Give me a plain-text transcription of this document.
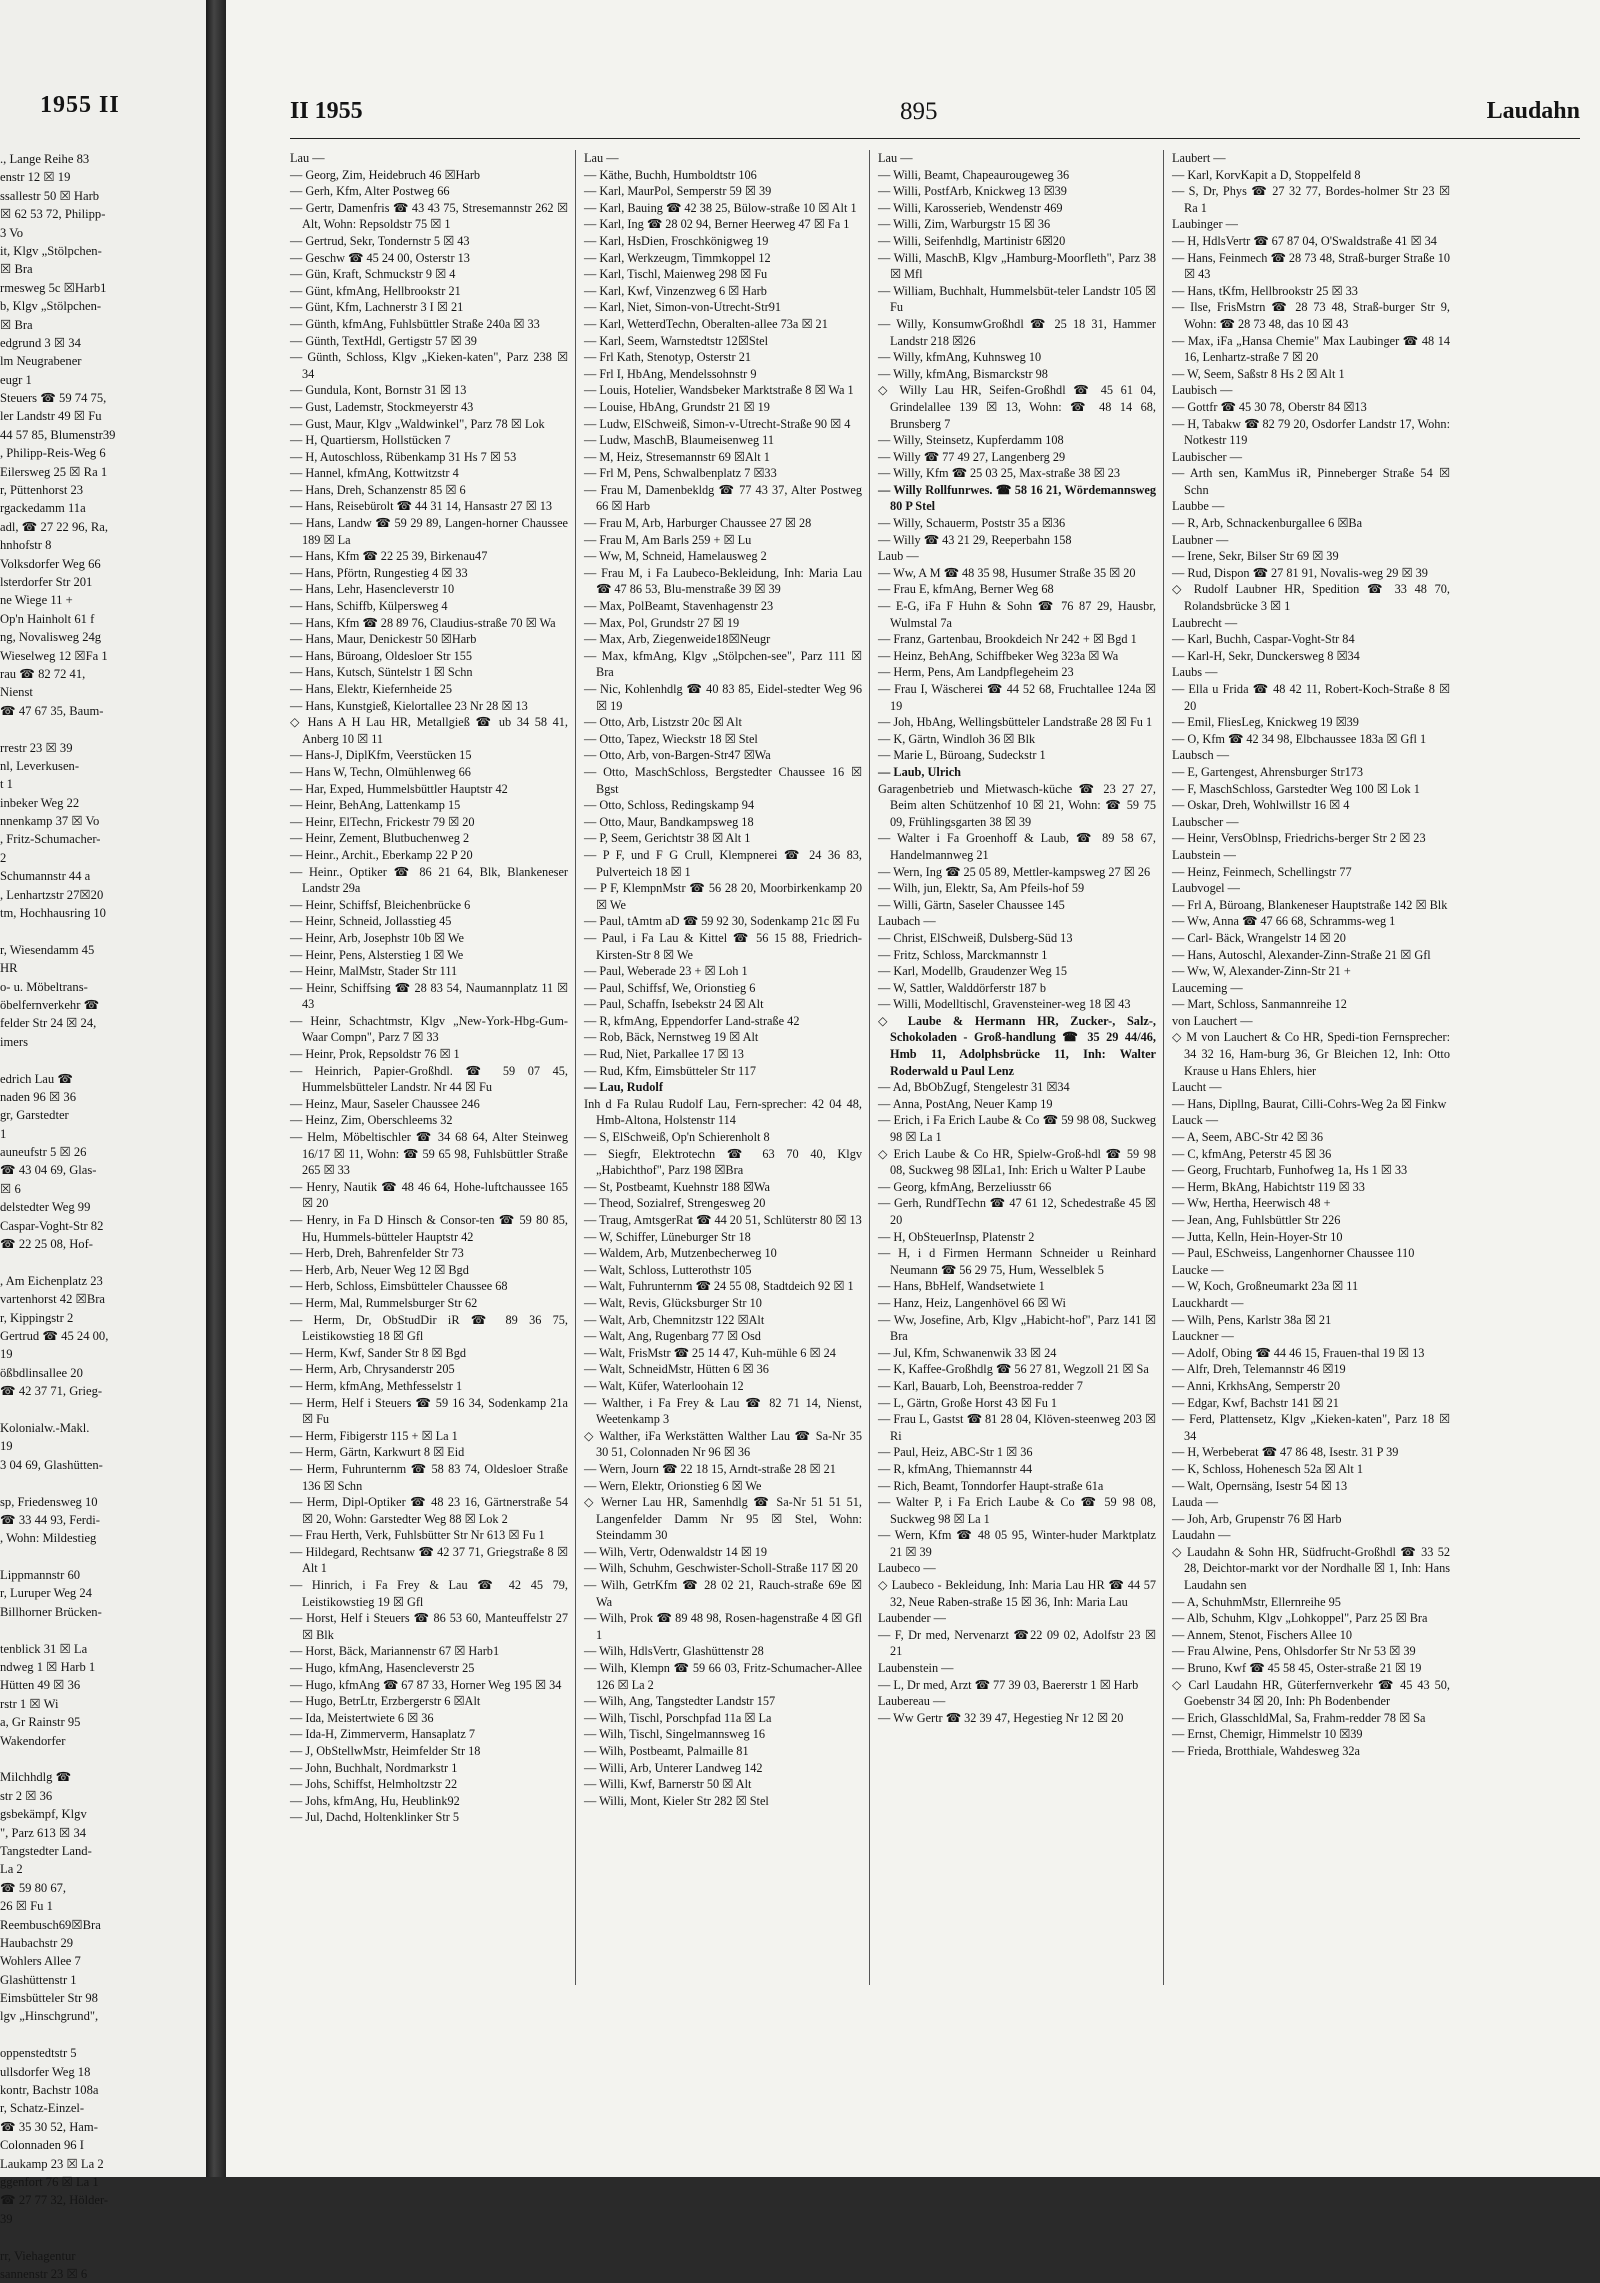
1955 II
., Lange Reihe 83
enstr 12 ☒ 19
ssallestr 50 ☒ Harb
☒ 62 53 72, Philipp-
3 Vo
it, Klgv „Stölpchen-
☒ Bra
rmesweg 5c ☒Harb1
b, Klgv „Stölpchen-
☒ Bra
edgrund 3 ☒ 34
lm Neugrabener
eugr 1
Steuers ☎ 59 74 75,
ler Landstr 49 ☒ Fu
44 57 85, Blumenstr39
, Philipp-Reis-Weg 6
Eilersweg 25 ☒ Ra 1
r, Püttenhorst 23
rgackedamm 11a
adl, ☎ 27 22 96, Ra,
hnhofstr 8
Volksdorfer Weg 66
lsterdorfer Str 201
ne Wiege 11 +
Op'n Hainholt 61 f
ng, Novalisweg 24g
Wieselweg 12 ☒Fa 1
rau ☎ 82 72 41,
Nienst
☎ 47 67 35, Baum-
rrestr 23 ☒ 39
nl, Leverkusen-
t 1
inbeker Weg 22
nnenkamp 37 ☒ Vo
, Fritz-Schumacher-
2
Schumannstr 44 a
, Lenhartzstr 27☒20
tm, Hochhausring 10
r, Wiesendamm 45
HR
o- u. Möbeltrans-
öbelfernverkehr ☎
felder Str 24 ☒ 24,
imers
edrich Lau ☎
naden 96 ☒ 36
gr, Garstedter
1
auneufstr 5 ☒ 26
☎ 43 04 69, Glas-
☒ 6
delstedter Weg 99
Caspar-Voght-Str 82
☎ 22 25 08, Hof-
, Am Eichenplatz 23
vartenhorst 42 ☒Bra
r, Kippingstr 2
Gertrud ☎ 45 24 00,
19
ößbdlinsallee 20
☎ 42 37 71, Grieg-
Kolonialw.-Makl.
19
3 04 69, Glashütten-
sp, Friedensweg 10
☎ 33 44 93, Ferdi-
, Wohn: Mildestieg
Lippmannstr 60
r, Luruper Weg 24
Billhorner Brücken-
tenblick 31 ☒ La
ndweg 1 ☒ Harb 1
Hütten 49 ☒ 36
rstr 1 ☒ Wi
a, Gr Rainstr 95
Wakendorfer
Milchhdlg ☎
str 2 ☒ 36
gsbekämpf, Klgv
", Parz 613 ☒ 34
Tangstedter Land-
La 2
☎ 59 80 67,
26 ☒ Fu 1
Reembusch69☒Bra
Haubachstr 29
Wohlers Allee 7
Glashüttenstr 1
Eimsbütteler Str 98
lgv „Hinschgrund",
oppenstedtstr 5
ullsdorfer Weg 18
kontr, Bachstr 108a
r, Schatz-Einzel-
☎ 35 30 52, Ham-
Colonnaden 96 I
Laukamp 23 ☒ La 2
ggenfort 76 ☒ La 1
☎ 27 77 32, Hölder-
39
rr, Viehagentur
sannenstr 23 ☒ 6
II 1955	895	Laudahn
Lau —
— Georg, Zim, Heidebruch 46 ☒Harb
— Gerh, Kfm, Alter Postweg 66
— Gertr, Damenfris ☎ 43 43 75, Stresemannstr 262 ☒ Alt, Wohn: Repsoldstr 75 ☒ 1
— Gertrud, Sekr, Tondernstr 5 ☒ 43
— Geschw ☎ 45 24 00, Osterstr 13
— Gün, Kraft, Schmuckstr 9 ☒ 4
— Günt, kfmAng, Hellbrookstr 21
— Günt, Kfm, Lachnerstr 3 I ☒ 21
— Günth, kfmAng, Fuhlsbüttler Straße 240a ☒ 33
— Günth, TextHdl, Gertigstr 57 ☒ 39
— Günth, Schloss, Klgv „Kieken-katen", Parz 238 ☒ 34
— Gundula, Kont, Bornstr 31 ☒ 13
— Gust, Lademstr, Stockmeyerstr 43
— Gust, Maur, Klgv „Waldwinkel", Parz 78 ☒ Lok
— H, Quartiersm, Hollstücken 7
— H, Autoschloss, Rübenkamp 31 Hs 7 ☒ 53
— Hannel, kfmAng, Kottwitzstr 4
— Hans, Dreh, Schanzenstr 85 ☒ 6
— Hans, Reisebürolt ☎ 44 31 14, Hansastr 27 ☒ 13
— Hans, Landw ☎ 59 29 89, Langen-horner Chaussee 189 ☒ La
— Hans, Kfm ☎ 22 25 39, Birkenau47
— Hans, Pförtn, Rungestieg 4 ☒ 33
— Hans, Lehr, Hasencleverstr 10
— Hans, Schiffb, Külpersweg 4
— Hans, Kfm ☎ 28 89 76, Claudius-straße 70 ☒ Wa
— Hans, Maur, Denickestr 50 ☒Harb
— Hans, Büroang, Oldesloer Str 155
— Hans, Kutsch, Süntelstr 1 ☒ Schn
— Hans, Elektr, Kiefernheide 25
— Hans, Kunstgieß, Kielortallee 23 Nr 28 ☒ 13
◇ Hans A H Lau HR, Metallgieß ☎ ub 34 58 41, Anberg 10 ☒ 11
— Hans-J, DiplKfm, Veerstücken 15
— Hans W, Techn, Olmühlenweg 66
— Har, Exped, Hummelsbüttler Hauptstr 42
— Heinr, BehAng, Lattenkamp 15
— Heinr, ElTechn, Frickestr 79 ☒ 20
— Heinr, Zement, Blutbuchenweg 2
— Heinr., Archit., Eberkamp 22 P 20
— Heinr., Optiker ☎ 86 21 64, Blk, Blankeneser Landstr 29a
— Heinr, Schiffsf, Bleichenbrücke 6
— Heinr, Schneid, Jollasstieg 45
— Heinr, Arb, Josephstr 10b ☒ We
— Heinr, Pens, Alsterstieg 1 ☒ We
— Heinr, MalMstr, Stader Str 111
— Heinr, Schiffsing ☎ 28 83 54, Naumannplatz 11 ☒ 43
— Heinr, Schachtmstr, Klgv „New-York-Hbg-Gum-Waar Compn", Parz 7 ☒ 33
— Heinr, Prok, Repsoldstr 76 ☒ 1
— Heinrich, Papier-Großhdl. ☎ 59 07 45, Hummelsbütteler Landstr. Nr 44 ☒ Fu
— Heinz, Maur, Saseler Chaussee 246
— Heinz, Zim, Oberschleems 32
— Helm, Möbeltischler ☎ 34 68 64, Alter Steinweg 16/17 ☒ 11, Wohn: ☎ 59 65 98, Fuhlsbüttler Straße 265 ☒ 33
— Henry, Nautik ☎ 48 46 64, Hohe-luftchaussee 165 ☒ 20
— Henry, in Fa D Hinsch & Consor-ten ☎ 59 80 85, Hu, Hummels-bütteler Hauptstr 42
— Herb, Dreh, Bahrenfelder Str 73
— Herb, Arb, Neuer Weg 12 ☒ Bgd
— Herb, Schloss, Eimsbütteler Chaussee 68
— Herm, Mal, Rummelsburger Str 62
— Herm, Dr, ObStudDir iR ☎ 89 36 75, Leistikowstieg 18 ☒ Gfl
— Herm, Kwf, Sander Str 8 ☒ Bgd
— Herm, Arb, Chrysanderstr 205
— Herm, kfmAng, Methfesselstr 1
— Herm, Helf i Steuers ☎ 59 16 34, Sodenkamp 21a ☒ Fu
— Herm, Fibigerstr 115 + ☒ La 1
— Herm, Gärtn, Karkwurt 8 ☒ Eid
— Herm, Fuhrunternm ☎ 58 83 74, Oldesloer Straße 136 ☒ Schn
— Herm, Dipl-Optiker ☎ 48 23 16, Gärtnerstraße 54 ☒ 20, Wohn: Garstedter Weg 88 ☒ Lok 2
— Frau Herth, Verk, Fuhlsbütter Str Nr 613 ☒ Fu 1
— Hildegard, Rechtsanw ☎ 42 37 71, Griegstraße 8 ☒ Alt 1
— Hinrich, i Fa Frey & Lau ☎ 42 45 79, Leistikowstieg 19 ☒ Gfl
— Horst, Helf i Steuers ☎ 86 53 60, Manteuffelstr 27 ☒ Blk
— Horst, Bäck, Mariannenstr 67 ☒ Harb1
— Hugo, kfmAng, Hasencleverstr 25
— Hugo, kfmAng ☎ 67 87 33, Horner Weg 195 ☒ 34
— Hugo, BetrLtr, Erzbergerstr 6 ☒Alt
— Ida, Meistertwiete 6 ☒ 36
— Ida-H, Zimmerverm, Hansaplatz 7
— J, ObStellwMstr, Heimfelder Str 18
— John, Buchhalt, Nordmarkstr 1
— Johs, Schiffst, Helmholtzstr 22
— Johs, kfmAng, Hu, Heublink92
— Jul, Dachd, Holtenklinker Str 5
Lau —
— Käthe, Buchh, Humboldtstr 106
— Karl, MaurPol, Semperstr 59 ☒ 39
— Karl, Bauing ☎ 42 38 25, Bülow-straße 10 ☒ Alt 1
— Karl, Ing ☎ 28 02 94, Berner Heerweg 47 ☒ Fa 1
— Karl, HsDien, Froschkönigweg 19
— Karl, Werkzeugm, Timmkoppel 12
— Karl, Tischl, Maienweg 298 ☒ Fu
— Karl, Kwf, Vinzenzweg 6 ☒ Harb
— Karl, Niet, Simon-von-Utrecht-Str91
— Karl, WetterdTechn, Oberalten-allee 73a ☒ 21
— Karl, Seem, Warnstedtstr 12☒Stel
— Frl Kath, Stenotyp, Osterstr 21
— Frl I, HbAng, Mendelssohnstr 9
— Louis, Hotelier, Wandsbeker Marktstraße 8 ☒ Wa 1
— Louise, HbAng, Grundstr 21 ☒ 19
— Ludw, ElSchweiß, Simon-v-Utrecht-Straße 90 ☒ 4
— Ludw, MaschB, Blaumeisenweg 11
— M, Heiz, Stresemannstr 69 ☒Alt 1
— Frl M, Pens, Schwalbenplatz 7 ☒33
— Frau M, Damenbekldg ☎ 77 43 37, Alter Postweg 66 ☒ Harb
— Frau M, Arb, Harburger Chaussee 27 ☒ 28
— Frau M, Am Barls 259 + ☒ Lu
— Ww, M, Schneid, Hamelausweg 2
— Frau M, i Fa Laubeco-Bekleidung, Inh: Maria Lau ☎ 47 86 53, Blu-menstraße 39 ☒ 39
— Max, PolBeamt, Stavenhagenstr 23
— Max, Pol, Grundstr 27 ☒ 19
— Max, Arb, Ziegenweide18☒Neugr
— Max, kfmAng, Klgv „Stölpchen-see", Parz 111 ☒ Bra
— Nic, Kohlenhdlg ☎ 40 83 85, Eidel-stedter Weg 96 ☒ 19
— Otto, Arb, Listzstr 20c ☒ Alt
— Otto, Tapez, Wieckstr 18 ☒ Stel
— Otto, Arb, von-Bargen-Str47 ☒Wa
— Otto, MaschSchloss, Bergstedter Chaussee 16 ☒ Bgst
— Otto, Schloss, Redingskamp 94
— Otto, Maur, Bandkampsweg 18
— P, Seem, Gerichtstr 38 ☒ Alt 1
— P F, und F G Crull, Klempnerei ☎ 24 36 83, Pulverteich 18 ☒ 1
— P F, KlempnMstr ☎ 56 28 20, Moorbirkenkamp 20 ☒ We
— Paul, tAmtm aD ☎ 59 92 30, Sodenkamp 21c ☒ Fu
— Paul, i Fa Lau & Kittel ☎ 56 15 88, Friedrich-Kirsten-Str 8 ☒ We
— Paul, Weberade 23 + ☒ Loh 1
— Paul, Schiffsf, We, Orionstieg 6
— Paul, Schaffn, Isebekstr 24 ☒ Alt
— R, kfmAng, Eppendorfer Land-straße 42
— Rob, Bäck, Nernstweg 19 ☒ Alt
— Rud, Niet, Parkallee 17 ☒ 13
— Rud, Kfm, Eimsbütteler Str 117
— Lau, Rudolf
Inh d Fa Rulau Rudolf Lau, Fern-sprecher: 42 04 48, Hmb-Altona, Holstenstr 114
— S, ElSchweiß, Op'n Schierenholt 8
— Siegfr, Elektrotechn ☎ 63 70 40, Klgv „Habichthof", Parz 198 ☒Bra
— St, Postbeamt, Kuehnstr 188 ☒Wa
— Theod, Sozialref, Strengesweg 20
— Traug, AmtsgerRat ☎ 44 20 51, Schlüterstr 80 ☒ 13
— W, Schiffer, Lüneburger Str 18
— Waldem, Arb, Mutzenbecherweg 10
— Walt, Schloss, Lutterothstr 105
— Walt, Fuhrunternm ☎ 24 55 08, Stadtdeich 92 ☒ 1
— Walt, Revis, Glücksburger Str 10
— Walt, Arb, Chemnitzstr 122 ☒Alt
— Walt, Ang, Rugenbarg 77 ☒ Osd
— Walt, FrisMstr ☎ 25 14 47, Kuh-mühle 6 ☒ 24
— Walt, SchneidMstr, Hütten 6 ☒ 36
— Walt, Küfer, Waterloohain 12
— Walther, i Fa Frey & Lau ☎ 82 71 14, Nienst, Weetenkamp 3
◇ Walther, iFa Werkstätten Walther Lau ☎ Sa-Nr 35 30 51, Colonnaden Nr 96 ☒ 36
— Wern, Journ ☎ 22 18 15, Arndt-straße 28 ☒ 21
— Wern, Elektr, Orionstieg 6 ☒ We
◇ Werner Lau HR, Samenhdlg ☎ Sa-Nr 51 51 51, Langenfelder Damm Nr 95 ☒ Stel, Wohn: Steindamm 30
— Wilh, Vertr, Odenwaldstr 14 ☒ 19
— Wilh, Schuhm, Geschwister-Scholl-Straße 117 ☒ 20
— Wilh, GetrKfm ☎ 28 02 21, Rauch-straße 69e ☒ Wa
— Wilh, Prok ☎ 89 48 98, Rosen-hagenstraße 4 ☒ Gfl 1
— Wilh, HdlsVertr, Glashüttenstr 28
— Wilh, Klempn ☎ 59 66 03, Fritz-Schumacher-Allee 126 ☒ La 2
— Wilh, Ang, Tangstedter Landstr 157
— Wilh, Tischl, Porschpfad 11a ☒ La
— Wilh, Tischl, Singelmannsweg 16
— Wilh, Postbeamt, Palmaille 81
— Willi, Arb, Unterer Landweg 142
— Willi, Kwf, Barnerstr 50 ☒ Alt
— Willi, Mont, Kieler Str 282 ☒ Stel
Lau —
— Willi, Beamt, Chapeaurougeweg 36
— Willi, PostfArb, Knickweg 13 ☒39
— Willi, Karosserieb, Wendenstr 469
— Willi, Zim, Warburgstr 15 ☒ 36
— Willi, Seifenhdlg, Martinistr 6☒20
— Willi, MaschB, Klgv „Hamburg-Moorfleth", Parz 38 ☒ Mfl
— William, Buchhalt, Hummelsbüt-teler Landstr 105 ☒ Fu
— Willy, KonsumwGroßhdl ☎ 25 18 31, Hammer Landstr 218 ☒26
— Willy, kfmAng, Kuhnsweg 10
— Willy, kfmAng, Bismarckstr 98
◇ Willy Lau HR, Seifen-Großhdl ☎ 45 61 04, Grindelallee 139 ☒ 13, Wohn: ☎ 48 14 68, Brunsberg 7
— Willy, Steinsetz, Kupferdamm 108
— Willy ☎ 77 49 27, Langenberg 29
— Willy, Kfm ☎ 25 03 25, Max-straße 38 ☒ 23
— Willy Rollfunrwes. ☎ 58 16 21, Wördemannsweg 80 P Stel
— Willy, Schauerm, Poststr 35 a ☒36
— Willy ☎ 43 21 29, Reeperbahn 158
Laub —
— Ww, A M ☎ 48 35 98, Husumer Straße 35 ☒ 20
— Frau E, kfmAng, Berner Weg 68
— E-G, iFa F Huhn & Sohn ☎ 76 87 29, Hausbr, Wulmstal 7a
— Franz, Gartenbau, Brookdeich Nr 242 + ☒ Bgd 1
— Heinz, BehAng, Schiffbeker Weg 323a ☒ Wa
— Herm, Pens, Am Landpflegeheim 23
— Frau I, Wäscherei ☎ 44 52 68, Fruchtallee 124a ☒ 19
— Joh, HbAng, Wellingsbütteler Landstraße 28 ☒ Fu 1
— K, Gärtn, Windloh 36 ☒ Blk
— Marie L, Büroang, Sudeckstr 1
— Laub, Ulrich
Garagenbetrieb und Mietwasch-küche ☎ 23 27 27, Beim alten Schützenhof 10 ☒ 21, Wohn: ☎ 59 75 09, Frühlingsgarten 38 ☒ 39
— Walter i Fa Groenhoff & Laub, ☎ 89 58 67, Handelmannweg 21
— Wern, Ing ☎ 25 05 89, Mettler-kampsweg 27 ☒ 26
— Wilh, jun, Elektr, Sa, Am Pfeils-hof 59
— Willi, Gärtn, Saseler Chaussee 145
Laubach —
— Christ, ElSchweiß, Dulsberg-Süd 13
— Fritz, Schloss, Marckmannstr 1
— Karl, Modellb, Graudenzer Weg 15
— W, Sattler, Walddörferstr 187 b
— Willi, Modelltischl, Gravensteiner-weg 18 ☒ 43
◇ Laube & Hermann HR, Zucker-, Salz-, Schokoladen - Groß-handlung ☎ 35 29 44/46, Hmb 11, Adolphsbrücke 11, Inh: Walter Roderwald u Paul Lenz
— Ad, BbObZugf, Stengelestr 31 ☒34
— Anna, PostAng, Neuer Kamp 19
— Erich, i Fa Erich Laube & Co ☎ 59 98 08, Suckweg 98 ☒ La 1
◇ Erich Laube & Co HR, Spielw-Groß-hdl ☎ 59 98 08, Suckweg 98 ☒La1, Inh: Erich u Walter P Laube
— Georg, kfmAng, Berzeliusstr 66
— Gerh, RundfTechn ☎ 47 61 12, Schedestraße 45 ☒ 20
— H, ObSteuerInsp, Platenstr 2
— H, i d Firmen Hermann Schneider u Reinhard Neumann ☎ 56 29 75, Hum, Wesselblek 5
— Hans, BbHelf, Wandsetwiete 1
— Hanz, Heiz, Langenhövel 66 ☒ Wi
— Ww, Josefine, Arb, Klgv „Habicht-hof", Parz 141 ☒ Bra
— Jul, Kfm, Schwanenwik 33 ☒ 24
— K, Kaffee-Großhdlg ☎ 56 27 81, Wegzoll 21 ☒ Sa
— Karl, Bauarb, Loh, Beenstroa-redder 7
— L, Gärtn, Große Horst 43 ☒ Fu 1
— Frau L, Gastst ☎ 81 28 04, Klöven-steenweg 203 ☒ Ri
— Paul, Heiz, ABC-Str 1 ☒ 36
— R, kfmAng, Thiemannstr 44
— Rich, Beamt, Tonndorfer Haupt-straße 61a
— Walter P, i Fa Erich Laube & Co ☎ 59 98 08, Suckweg 98 ☒ La 1
— Wern, Kfm ☎ 48 05 95, Winter-huder Marktplatz 21 ☒ 39
Laubeco —
◇ Laubeco - Bekleidung, Inh: Maria Lau HR ☎ 44 57 32, Neue Raben-straße 15 ☒ 36, Inh: Maria Lau
Laubender —
— F, Dr med, Nervenarzt ☎22 09 02, Adolfstr 23 ☒ 21
Laubenstein —
— L, Dr med, Arzt ☎ 77 39 03, Baererstr 1 ☒ Harb
Laubereau —
— Ww Gertr ☎ 32 39 47, Hegestieg Nr 12 ☒ 20
Laubert —
— Karl, KorvKapit a D, Stoppelfeld 8
— S, Dr, Phys ☎ 27 32 77, Bordes-holmer Str 23 ☒ Ra 1
Laubinger —
— H, HdlsVertr ☎ 67 87 04, O'Swaldstraße 41 ☒ 34
— Hans, Feinmech ☎ 28 73 48, Straß-burger Straße 10 ☒ 43
— Hans, tKfm, Hellbrookstr 25 ☒ 33
— Ilse, FrisMstrn ☎ 28 73 48, Straß-burger Str 9, Wohn: ☎ 28 73 48, das 10 ☒ 43
— Max, iFa „Hansa Chemie" Max Laubinger ☎ 48 14 16, Lenhartz-straße 7 ☒ 20
— W, Seem, Saßstr 8 Hs 2 ☒ Alt 1
Laubisch —
— Gottfr ☎ 45 30 78, Oberstr 84 ☒13
— H, Tabakw ☎ 82 79 20, Osdorfer Landstr 17, Wohn: Notkestr 119
Laubischer —
— Arth sen, KamMus iR, Pinneberger Straße 54 ☒ Schn
Laubbe —
— R, Arb, Schnackenburgallee 6 ☒Ba
Laubner —
— Irene, Sekr, Bilser Str 69 ☒ 39
— Rud, Dispon ☎ 27 81 91, Novalis-weg 29 ☒ 39
◇ Rudolf Laubner HR, Spedition ☎ 33 48 70, Rolandsbrücke 3 ☒ 1
Laubrecht —
— Karl, Buchh, Caspar-Voght-Str 84
— Karl-H, Sekr, Dunckersweg 8 ☒34
Laubs —
— Ella u Frida ☎ 48 42 11, Robert-Koch-Straße 8 ☒ 20
— Emil, FliesLeg, Knickweg 19 ☒39
— O, Kfm ☎ 42 34 98, Elbchaussee 183a ☒ Gfl 1
Laubsch —
— E, Gartengest, Ahrensburger Str173
— F, MaschSchloss, Garstedter Weg 100 ☒ Lok 1
— Oskar, Dreh, Wohlwillstr 16 ☒ 4
Laubscher —
— Heinr, VersOblnsp, Friedrichs-berger Str 2 ☒ 23
Laubstein —
— Heinz, Feinmech, Schellingstr 77
Laubvogel —
— Frl A, Büroang, Blankeneser Hauptstraße 142 ☒ Blk
— Ww, Anna ☎ 47 66 68, Schramms-weg 1
— Carl- Bäck, Wrangelstr 14 ☒ 20
— Hans, Autoschl, Alexander-Zinn-Straße 21 ☒ Gfl
— Ww, W, Alexander-Zinn-Str 21 +
Lauceming —
— Mart, Schloss, Sanmannreihe 12
von Lauchert —
◇ M von Lauchert & Co HR, Spedi-tion Fernsprecher: 34 32 16, Ham-burg 36, Gr Bleichen 12, Inh: Otto Krause u Hans Ehlers, hier
Laucht —
— Hans, Dipllng, Baurat, Cilli-Cohrs-Weg 2a ☒ Finkw
Lauck —
— A, Seem, ABC-Str 42 ☒ 36
— C, kfmAng, Peterstr 45 ☒ 36
— Georg, Fruchtarb, Funhofweg 1a, Hs 1 ☒ 33
— Herm, BkAng, Habichtstr 119 ☒ 33
— Ww, Hertha, Heerwisch 48 +
— Jean, Ang, Fuhlsbüttler Str 226
— Jutta, Kelln, Hein-Hoyer-Str 10
— Paul, ESchweiss, Langenhorner Chaussee 110
Laucke —
— W, Koch, Großneumarkt 23a ☒ 11
Lauckhardt —
— Wilh, Pens, Karlstr 38a ☒ 21
Lauckner —
— Adolf, Obing ☎ 44 46 15, Frauen-thal 19 ☒ 13
— Alfr, Dreh, Telemannstr 46 ☒19
— Anni, KrkhsAng, Semperstr 20
— Edgar, Kwf, Bachstr 141 ☒ 21
— Ferd, Plattensetz, Klgv „Kieken-katen", Parz 18 ☒ 34
— H, Werbeberat ☎ 47 86 48, Isestr. 31 P 39
— K, Schloss, Hohenesch 52a ☒ Alt 1
— Walt, Opernsäng, Isestr 54 ☒ 13
Lauda —
— Joh, Arb, Grupenstr 76 ☒ Harb
Laudahn —
◇ Laudahn & Sohn HR, Südfrucht-Großhdl ☎ 33 52 28, Deichtor-markt vor der Nordhalle ☒ 1, Inh: Hans Laudahn sen
— A, SchuhmMstr, Ellernreihe 95
— Alb, Schuhm, Klgv „Lohkoppel", Parz 25 ☒ Bra
— Annem, Stenot, Fischers Allee 10
— Frau Alwine, Pens, Ohlsdorfer Str Nr 53 ☒ 39
— Bruno, Kwf ☎ 45 58 45, Oster-straße 21 ☒ 19
◇ Carl Laudahn HR, Güterfernverkehr ☎ 45 43 50, Goebenstr 34 ☒ 20, Inh: Ph Bodenbender
— Erich, GlasschldMal, Sa, Frahm-redder 78 ☒ Sa
— Ernst, Chemigr, Himmelstr 10 ☒39
— Frieda, Brotthiale, Wahdesweg 32a
